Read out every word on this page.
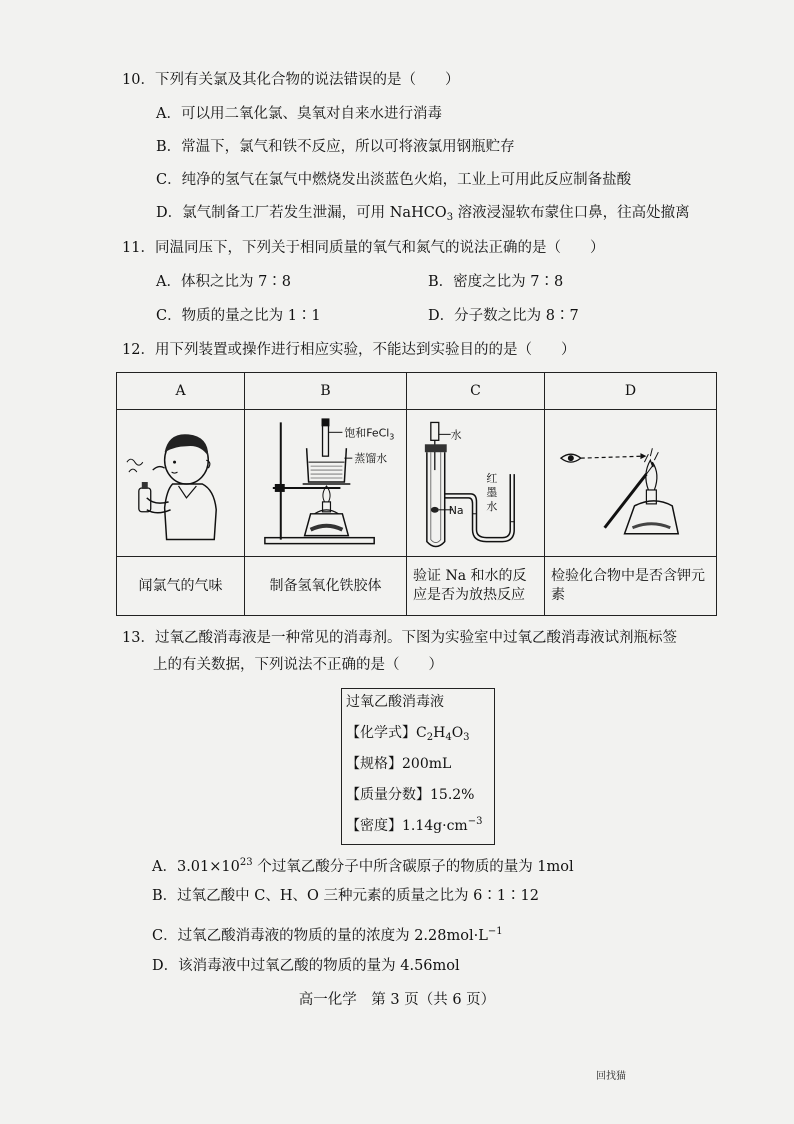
10．下列有关氯及其化合物的说法错误的是（　　）
A．可以用二氧化氯、臭氧对自来水进行消毒
B．常温下，氯气和铁不反应，所以可将液氯用钢瓶贮存
C．纯净的氢气在氯气中燃烧发出淡蓝色火焰，工业上可用此反应制备盐酸
D．氯气制备工厂若发生泄漏，可用 NaHCO$_3$ 溶液浸湿软布蒙住口鼻，往高处撤离
11．同温同压下，下列关于相同质量的氧气和氮气的说法正确的是（　　）
A．体积之比为 7∶8	B．密度之比为 7∶8
C．物质的量之比为 1∶1	D．分子数之比为 8∶7
12．用下列装置或操作进行相应实验，不能达到实验目的的是（　　）
A	B	C	D

饱和FeCl$_3$
蒸馏水	水
Na
红
墨
水

闻氯气的气味	制备氢氧化铁胶体	验证 Na 和水的反应是否为放热反应	检验化合物中是否含钾元素
13．过氧乙酸消毒液是一种常见的消毒剂。下图为实验室中过氧乙酸消毒液试剂瓶标签
上的有关数据，下列说法不正确的是（　　）
过氧乙酸消毒液
【化学式】$C_2H_4O_3$
【规格】200mL
【质量分数】15.2%
【密度】$1.14g\cdot cm^{-3}$
A．$3.01\times 10^{23}$ 个过氧乙酸分子中所含碳原子的物质的量为 1mol
B．过氧乙酸中 C、H、O 三种元素的质量之比为 6∶1∶12
C．过氧乙酸消毒液的物质的量的浓度为 $2.28mol\cdot L^{-1}$
D．该消毒液中过氧乙酸的物质的量为 4.56mol
高一化学　第 3 页（共 6 页）
回找猫
